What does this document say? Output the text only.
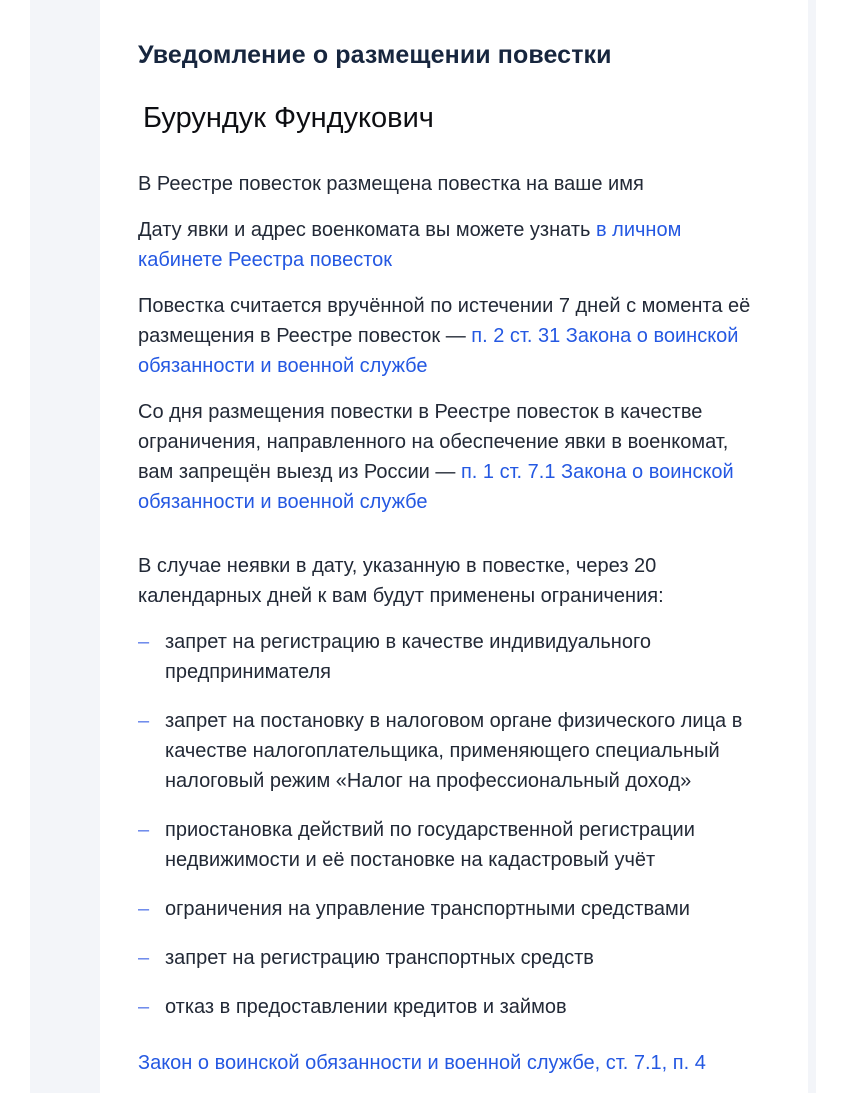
Уведомление о размещении повестки
Бурундук Фундукович

В Реестре повесток размещена повестка на ваше имя

Дату явки и адрес военкомата вы можете узнать в личном кабинете Реестра повесток

Повестка считается вручённой по истечении 7 дней с момента её размещения в Реестре повесток — п. 2 ст. 31 Закона о воинской обязанности и военной службе

Со дня размещения повестки в Реестре повесток в качестве ограничения, направленного на обеспечение явки в военкомат, вам запрещён выезд из России — п. 1 ст. 7.1 Закона о воинской обязанности и военной службе

В случае неявки в дату, указанную в повестке, через 20 календарных дней к вам будут применены ограничения:

– запрет на регистрацию в качестве индивидуального предпринимателя
– запрет на постановку в налоговом органе физического лица в качестве налогоплательщика, применяющего специальный налоговый режим «Налог на профессиональный доход»
– приостановка действий по государственной регистрации недвижимости и её постановке на кадастровый учёт
– ограничения на управление транспортными средствами
– запрет на регистрацию транспортных средств
– отказ в предоставлении кредитов и займов

Закон о воинской обязанности и военной службе, ст. 7.1, п. 4
